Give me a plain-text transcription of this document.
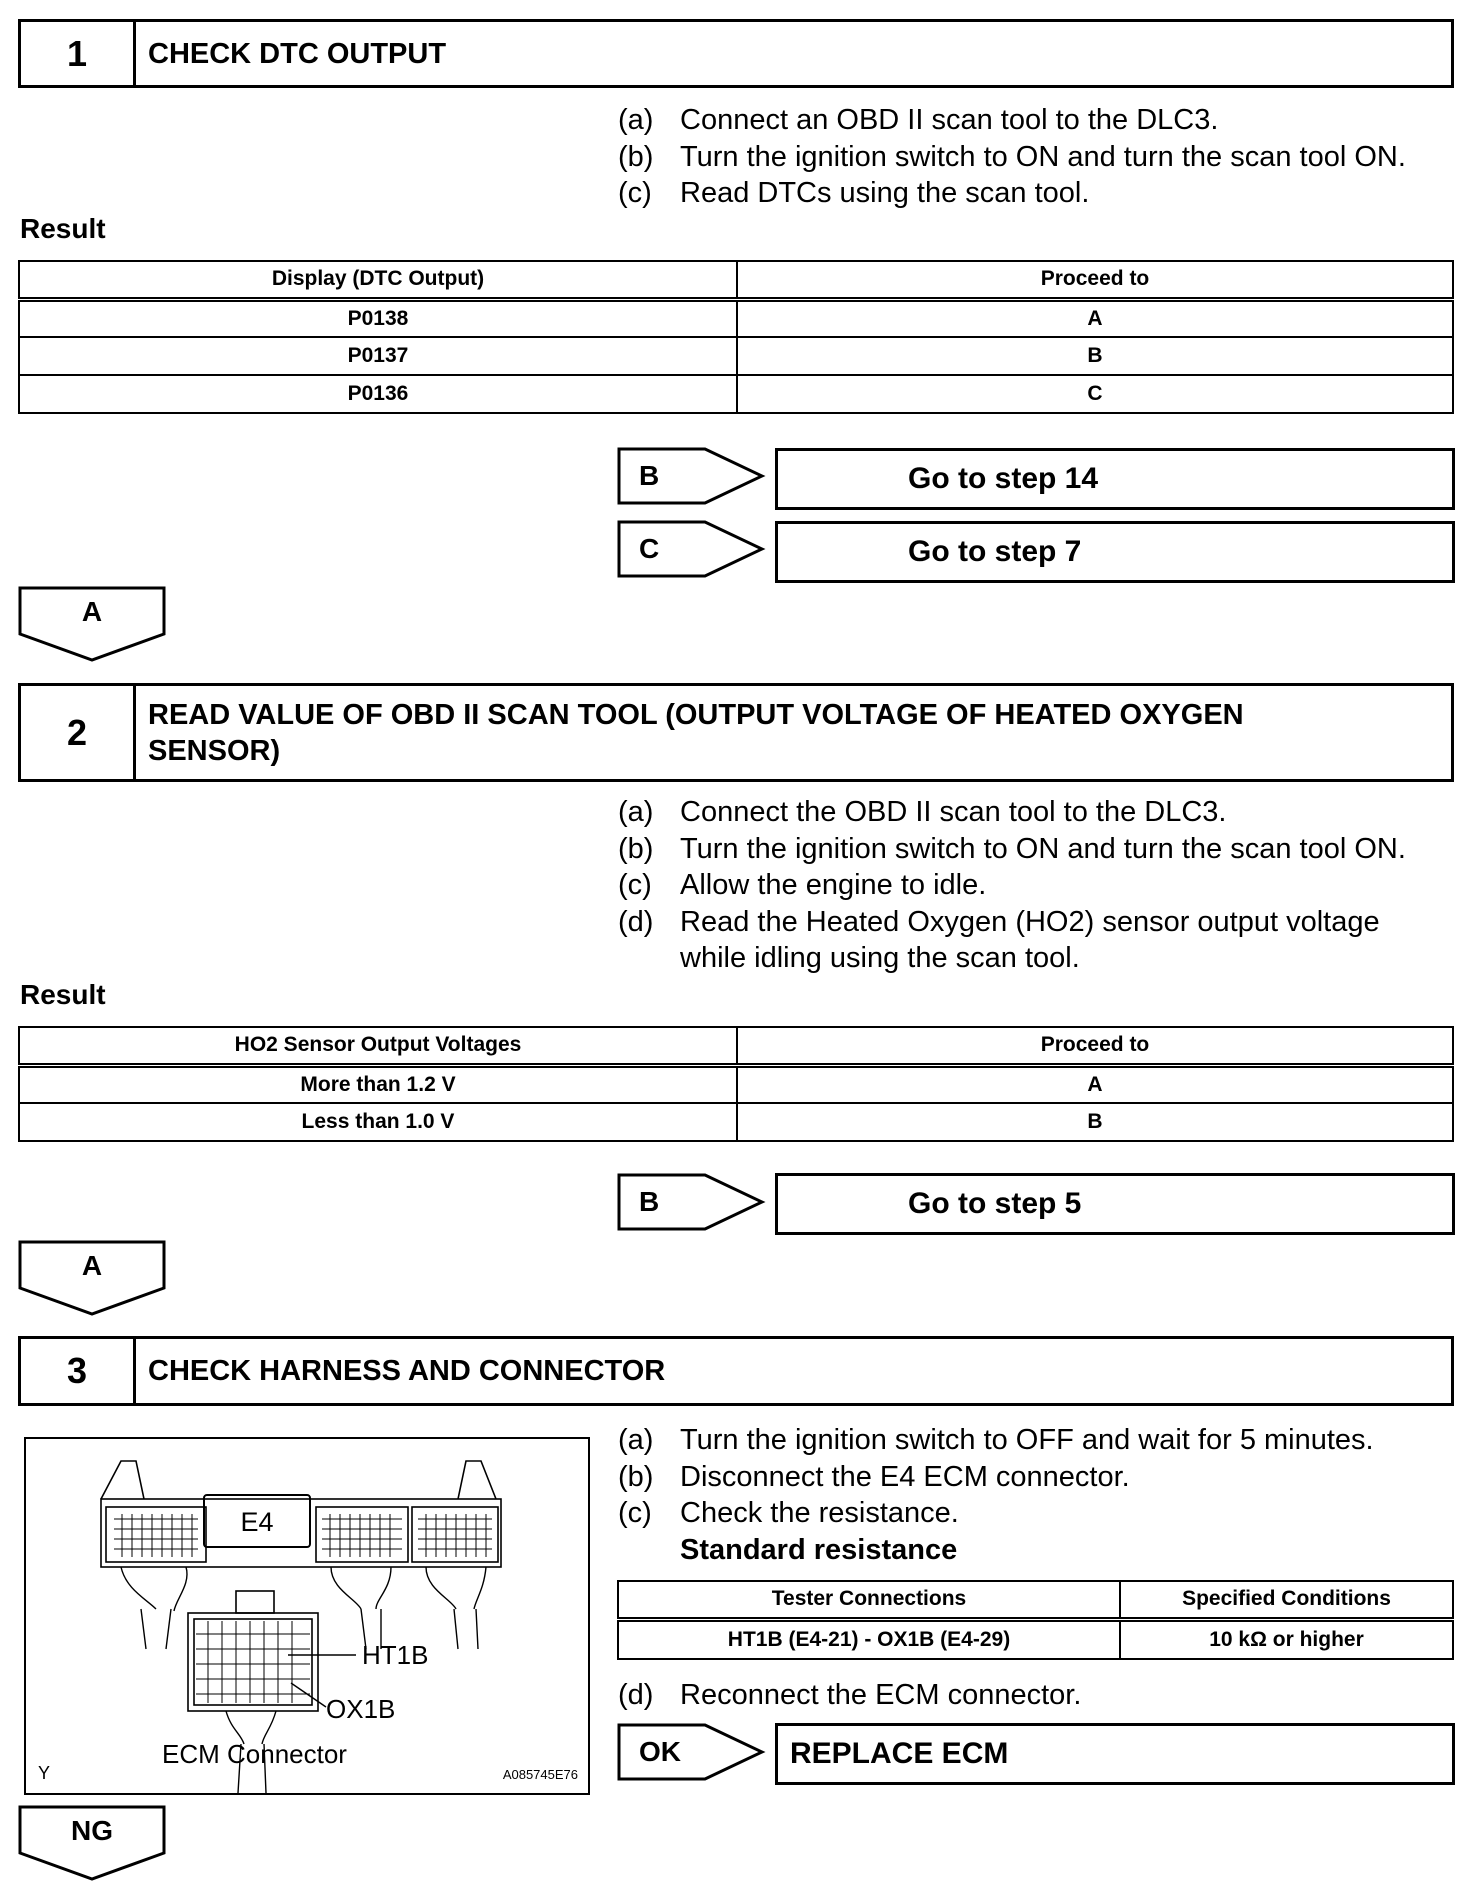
1	CHECK DTC OUTPUT
(a) Connect an OBD II scan tool to the DLC3.
(b) Turn the ignition switch to ON and turn the scan tool ON.
(c) Read DTCs using the scan tool.
Result
Display (DTC Output)	Proceed to
P0138	A
P0137	B
P0136	C
B	Go to step 14
C	Go to step 7
A
2	READ VALUE OF OBD II SCAN TOOL (OUTPUT VOLTAGE OF HEATED OXYGEN
SENSOR)
(a) Connect the OBD II scan tool to the DLC3.
(b) Turn the ignition switch to ON and turn the scan tool ON.
(c) Allow the engine to idle.
(d) Read the Heated Oxygen (HO2) sensor output voltage
while idling using the scan tool.
Result
HO2 Sensor Output Voltages	Proceed to
More than 1.2 V	A
Less than 1.0 V	B
B	Go to step 5
A
3	CHECK HARNESS AND CONNECTOR
E4
HT1B
OX1B
ECM Connector
Y	A085745E76
(a) Turn the ignition switch to OFF and wait for 5 minutes.
(b) Disconnect the E4 ECM connector.
(c) Check the resistance.
Standard resistance
Tester Connections	Specified Conditions
HT1B (E4-21) - OX1B (E4-29)	10 kΩ or higher
(d) Reconnect the ECM connector.
OK	REPLACE ECM
NG
